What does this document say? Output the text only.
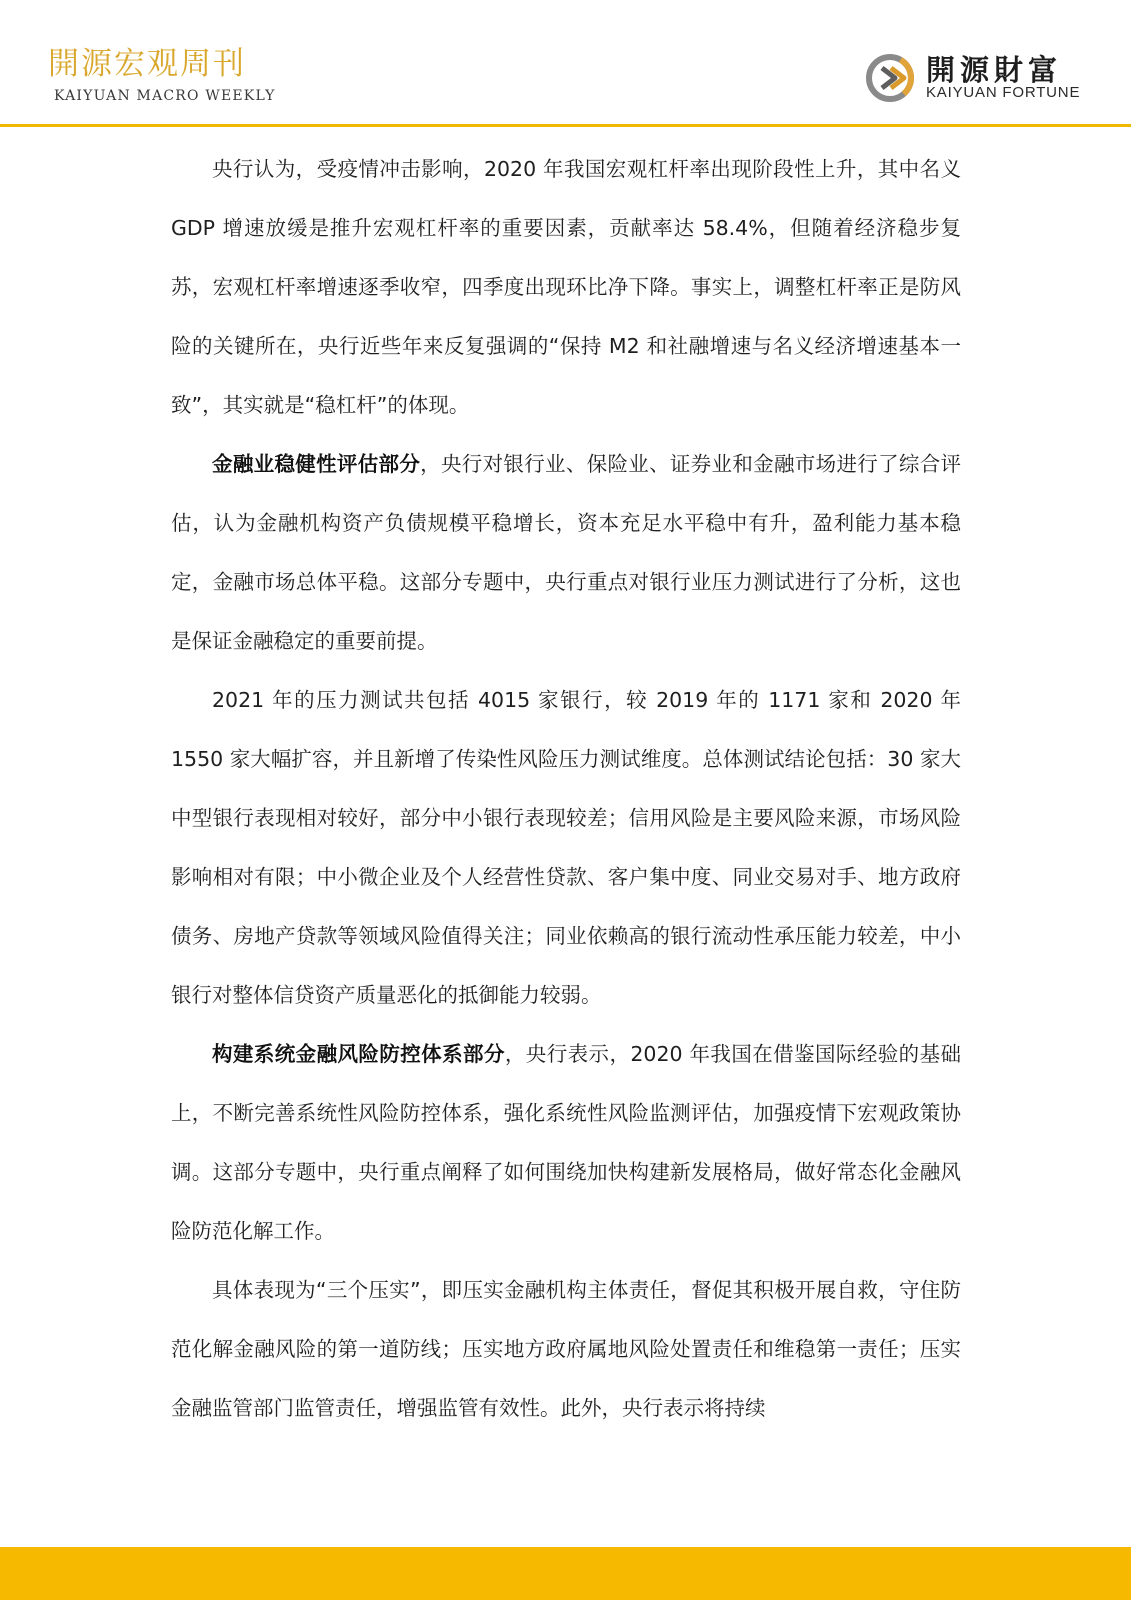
開源宏观周刊
KAIYUAN MACRO WEEKLY
開源財富
KAIYUAN FORTUNE

央行认为，受疫情冲击影响，2020 年我国宏观杠杆率出现阶段性上升，其中名义 GDP 增速放缓是推升宏观杠杆率的重要因素，贡献率达 58.4%，但随着经济稳步复苏，宏观杠杆率增速逐季收窄，四季度出现环比净下降。事实上，调整杠杆率正是防风险的关键所在，央行近些年来反复强调的“保持 M2 和社融增速与名义经济增速基本一致”，其实就是“稳杠杆”的体现。

金融业稳健性评估部分，央行对银行业、保险业、证券业和金融市场进行了综合评估，认为金融机构资产负债规模平稳增长，资本充足水平稳中有升，盈利能力基本稳定，金融市场总体平稳。这部分专题中，央行重点对银行业压力测试进行了分析，这也是保证金融稳定的重要前提。

2021 年的压力测试共包括 4015 家银行，较 2019 年的 1171 家和 2020 年 1550 家大幅扩容，并且新增了传染性风险压力测试维度。总体测试结论包括：30 家大中型银行表现相对较好，部分中小银行表现较差；信用风险是主要风险来源，市场风险影响相对有限；中小微企业及个人经营性贷款、客户集中度、同业交易对手、地方政府债务、房地产贷款等领域风险值得关注；同业依赖高的银行流动性承压能力较差，中小银行对整体信贷资产质量恶化的抵御能力较弱。

构建系统金融风险防控体系部分，央行表示，2020 年我国在借鉴国际经验的基础上，不断完善系统性风险防控体系，强化系统性风险监测评估，加强疫情下宏观政策协调。这部分专题中，央行重点阐释了如何围绕加快构建新发展格局，做好常态化金融风险防范化解工作。

具体表现为“三个压实”，即压实金融机构主体责任，督促其积极开展自救，守住防范化解金融风险的第一道防线；压实地方政府属地风险处置责任和维稳第一责任；压实金融监管部门监管责任，增强监管有效性。此外，央行表示将持续
